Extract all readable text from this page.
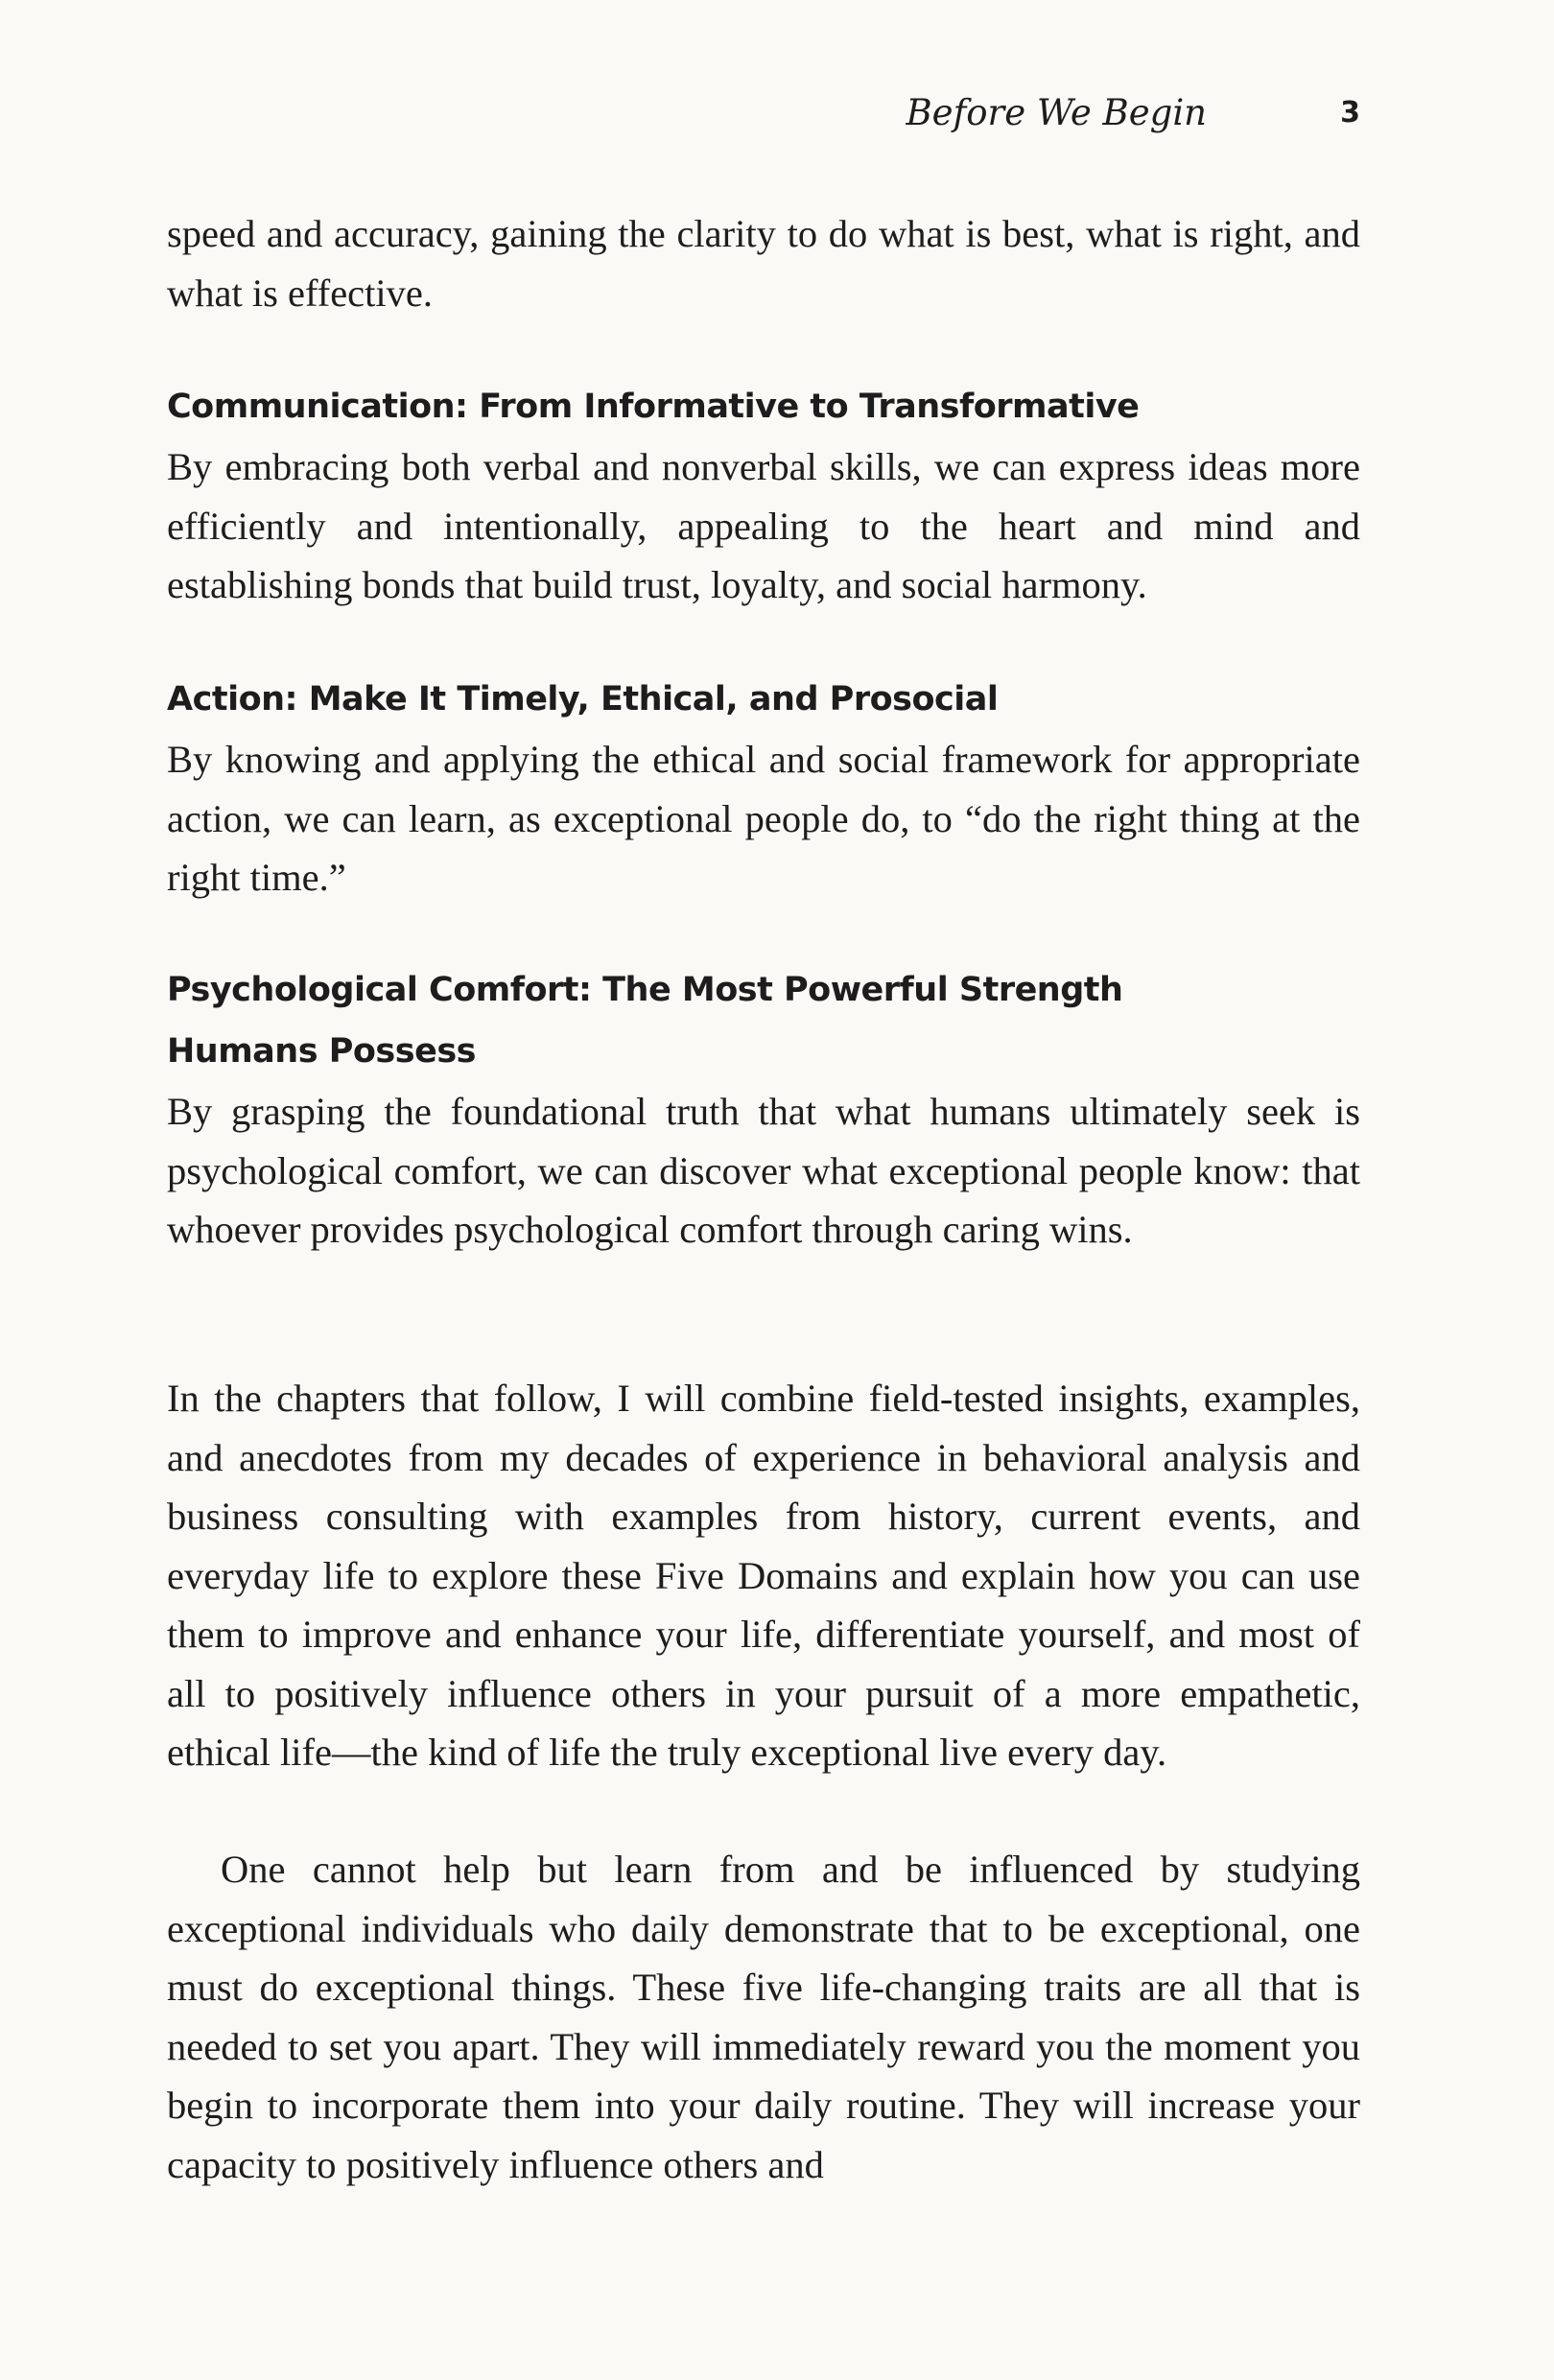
Before We Begin	3

speed and accuracy, gaining the clarity to do what is best, what is right, and what is effective.

Communication: From Informative to Transformative

By embracing both verbal and nonverbal skills, we can express ideas more efficiently and intentionally, appealing to the heart and mind and establishing bonds that build trust, loyalty, and social harmony.

Action: Make It Timely, Ethical, and Prosocial

By knowing and applying the ethical and social framework for appropriate action, we can learn, as exceptional people do, to “do the right thing at the right time.”

Psychological Comfort: The Most Powerful Strength Humans Possess

By grasping the foundational truth that what humans ultimately seek is psychological comfort, we can discover what exceptional people know: that whoever provides psychological comfort through caring wins.

In the chapters that follow, I will combine field-tested insights, examples, and anecdotes from my decades of experience in behavioral analysis and business consulting with examples from history, current events, and everyday life to explore these Five Domains and explain how you can use them to improve and enhance your life, differentiate yourself, and most of all to positively influence others in your pursuit of a more empathetic, ethical life—the kind of life the truly exceptional live every day.

One cannot help but learn from and be influenced by studying exceptional individuals who daily demonstrate that to be exceptional, one must do exceptional things. These five life-changing traits are all that is needed to set you apart. They will immediately reward you the moment you begin to incorporate them into your daily routine. They will increase your capacity to positively influence others and
